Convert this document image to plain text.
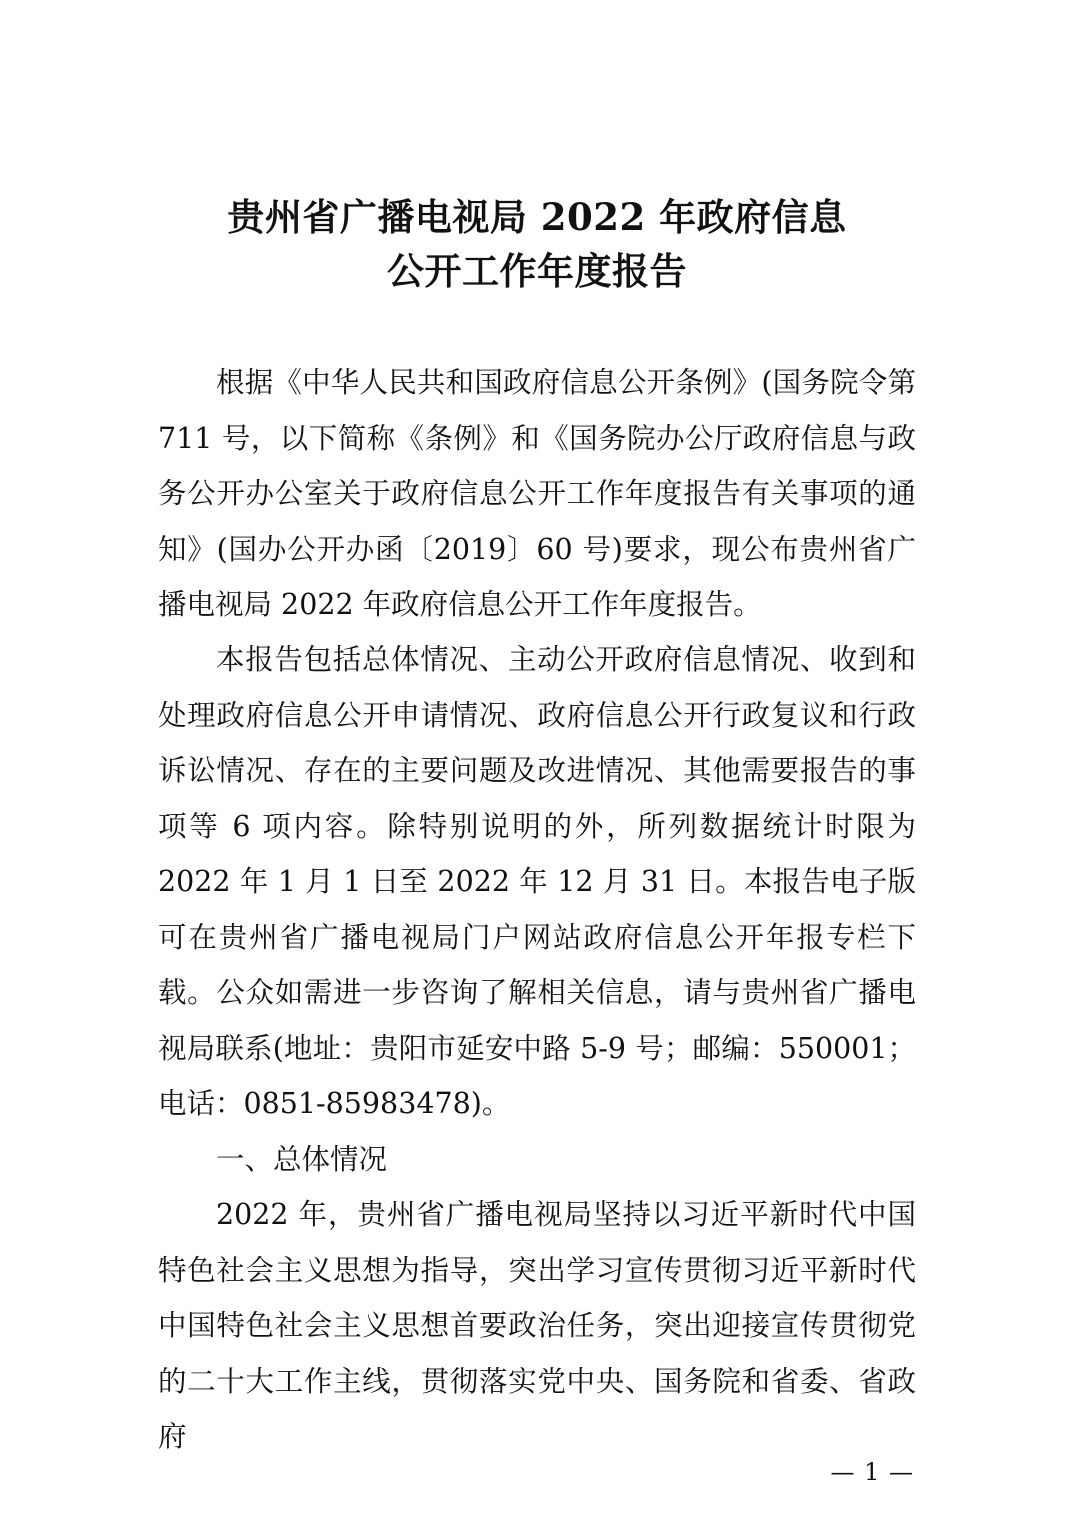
贵州省广播电视局 2022 年政府信息
公开工作年度报告

根据《中华人民共和国政府信息公开条例》(国务院令第 711 号，以下简称《条例》和《国务院办公厅政府信息与政务公开办公室关于政府信息公开工作年度报告有关事项的通知》(国办公开办函〔2019〕60 号)要求，现公布贵州省广播电视局 2022 年政府信息公开工作年度报告。

本报告包括总体情况、主动公开政府信息情况、收到和处理政府信息公开申请情况、政府信息公开行政复议和行政诉讼情况、存在的主要问题及改进情况、其他需要报告的事项等 6 项内容。除特别说明的外，所列数据统计时限为 2022 年 1 月 1 日至 2022 年 12 月 31 日。本报告电子版可在贵州省广播电视局门户网站政府信息公开年报专栏下载。公众如需进一步咨询了解相关信息，请与贵州省广播电视局联系(地址：贵阳市延安中路 5-9 号；邮编：550001；电话：0851-85983478)。

一、总体情况

2022 年，贵州省广播电视局坚持以习近平新时代中国特色社会主义思想为指导，突出学习宣传贯彻习近平新时代中国特色社会主义思想首要政治任务，突出迎接宣传贯彻党的二十大工作主线，贯彻落实党中央、国务院和省委、省政府

— 1 —
